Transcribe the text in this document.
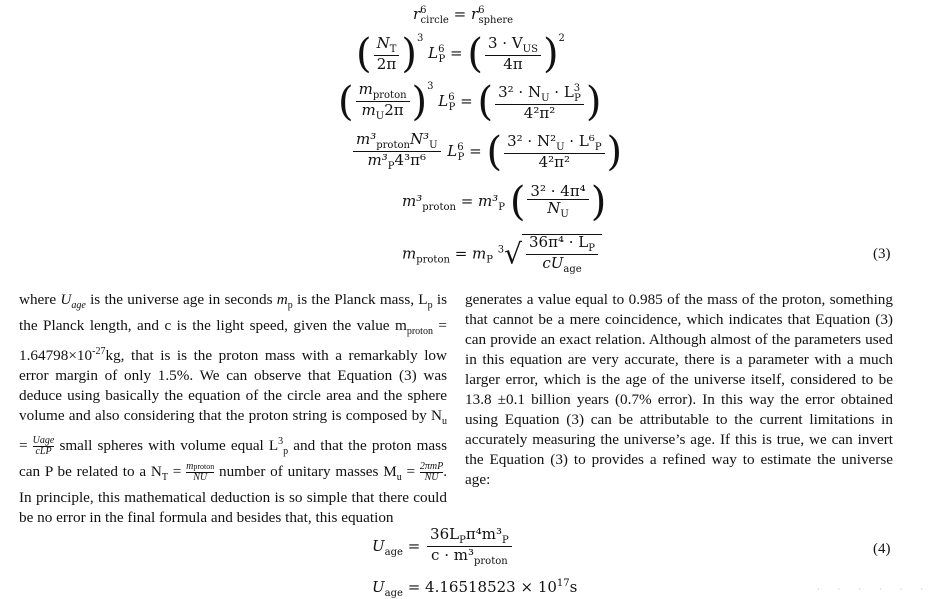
$r^6_{circle} = r^6_{sphere}$
( $\frac{N_T}{2\pi} )^3$ $L^6_P$ = ( $\frac{3 \cdot V_{US}}{4\pi} )^2$
( $\frac{m_{proton}}{m_U2\pi} )^3$ $L^6_P$ = ( $\frac{3^2 \cdot N_U \cdot L^3_P}{\text{4²π²}}$ )
$\frac{m^3_{proton}N^3_U}{m^3_P4^3\pi^6} L^6_P$ = ( $\frac{3^2 \cdot N^2_U \cdot L^6_P}{\text{4²π²}}$ )
$m^3_{proton} = m^3_P$ ( $\frac{\text{3² · 4π⁴}}{N_U}$ )
$m_{proton} = m_P$ $^3√ \frac{36\pi^4 \cdot L_P}{cU_{age}}$	(3)
where $U_{age}$ is the universe age in seconds $m_p$ is the Planck mass, $L_p$ is the Planck length, and c is the light speed, given the value $m_{proton} = 1.64798\times 10^{-27}kg$, that is is the proton mass with a remarkably low error margin of only 1.5%. We can observe that Equation (3) was deduce using basically the equation of the circle area and the sphere volume and also considering that the proton string is composed by $N_u$ = Uage
cLP small spheres with volume equal $L^3_p$ and that the proton mass can P be related to a $N_T$ = mproton
NU number of unitary masses $M_u = 2\pi mP$
NU . In principle, this mathematical deduction is so simple that there could be no error in the final formula and besides that, this equation
generates a value equal to 0.985 of the mass of the proton, something that cannot be a mere coincidence, which indicates that Equation (3) can provide an exact relation. Although almost of the parameters used in this equation are very accurate, there is a parameter with a much larger error, which is the age of the universe itself, considered to be 13.8 ±0.1 billion years (0.7% error). In this way the error obtained using Equation (3) can be attributable to the current limitations in accurately measuring the universe’s age. If this is true, we can invert the Equation (3) to provides a refined way to estimate the universe age:
$U_{age} = \frac{36L_P\pi^4m^3_P}{c \cdot m^3_{proton}}$	(4)
$U_{age} = 4.16518523 \times 10^{17}s$	· · · · · ·
